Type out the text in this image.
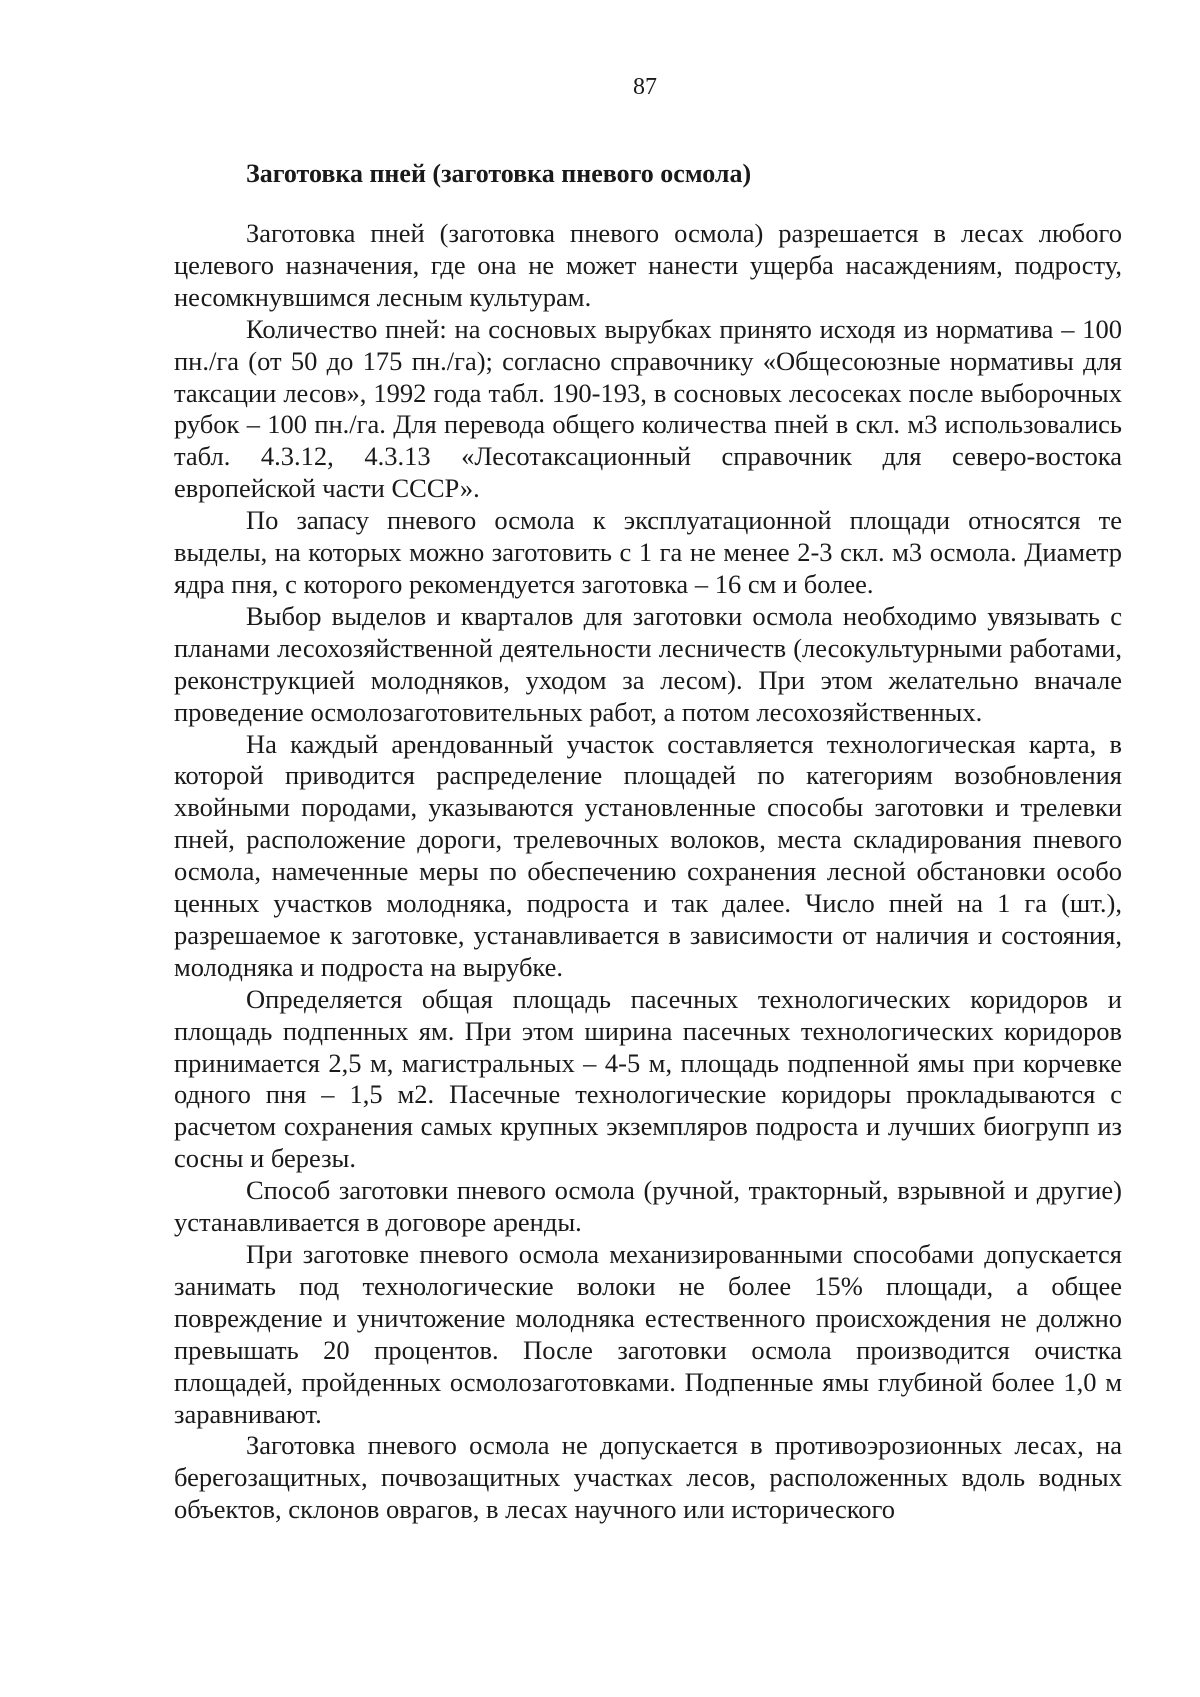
87
Заготовка пней (заготовка пневого осмола)

Заготовка пней (заготовка пневого осмола) разрешается в лесах любого целевого назначения, где она не может нанести ущерба насаждениям, подросту, несомкнувшимся лесным культурам.

Количество пней: на сосновых вырубках принято исходя из норматива – 100 пн./га (от 50 до 175 пн./га); согласно справочнику «Общесоюзные нормативы для таксации лесов», 1992 года табл. 190-193, в сосновых лесосеках после выборочных рубок – 100 пн./га. Для перевода общего количества пней в скл. м3 использовались табл. 4.3.12, 4.3.13 «Лесотаксационный справочник для северо-востока европейской части СССР».

По запасу пневого осмола к эксплуатационной площади относятся те выделы, на которых можно заготовить с 1 га не менее 2-3 скл. м3 осмола. Диаметр ядра пня, с которого рекомендуется заготовка – 16 см и более.

Выбор выделов и кварталов для заготовки осмола необходимо увязывать с планами лесохозяйственной деятельности лесничеств (лесокультурными работами, реконструкцией молодняков, уходом за лесом). При этом желательно вначале проведение осмолозаготовительных работ, а потом лесохозяйственных.

На каждый арендованный участок составляется технологическая карта, в которой приводится распределение площадей по категориям возобновления хвойными породами, указываются установленные способы заготовки и трелевки пней, расположение дороги, трелевочных волоков, места складирования пневого осмола, намеченные меры по обеспечению сохранения лесной обстановки особо ценных участков молодняка, подроста и так далее. Число пней на 1 га (шт.), разрешаемое к заготовке, устанавливается в зависимости от наличия и состояния, молодняка и подроста на вырубке.

Определяется общая площадь пасечных технологических коридоров и площадь подпенных ям. При этом ширина пасечных технологических коридоров принимается 2,5 м, магистральных – 4-5 м, площадь подпенной ямы при корчевке одного пня – 1,5 м2. Пасечные технологические коридоры прокладываются с расчетом сохранения самых крупных экземпляров подроста и лучших биогрупп из сосны и березы.

Способ заготовки пневого осмола (ручной, тракторный, взрывной и другие) устанавливается в договоре аренды.

При заготовке пневого осмола механизированными способами допускается занимать под технологические волоки не более 15% площади, а общее повреждение и уничтожение молодняка естественного происхождения не должно превышать 20 процентов. После заготовки осмола производится очистка площадей, пройденных осмолозаготовками. Подпенные ямы глубиной более 1,0 м заравнивают.

Заготовка пневого осмола не допускается в противоэрозионных лесах, на берегозащитных, почвозащитных участках лесов, расположенных вдоль водных объектов, склонов оврагов, в лесах научного или исторического
